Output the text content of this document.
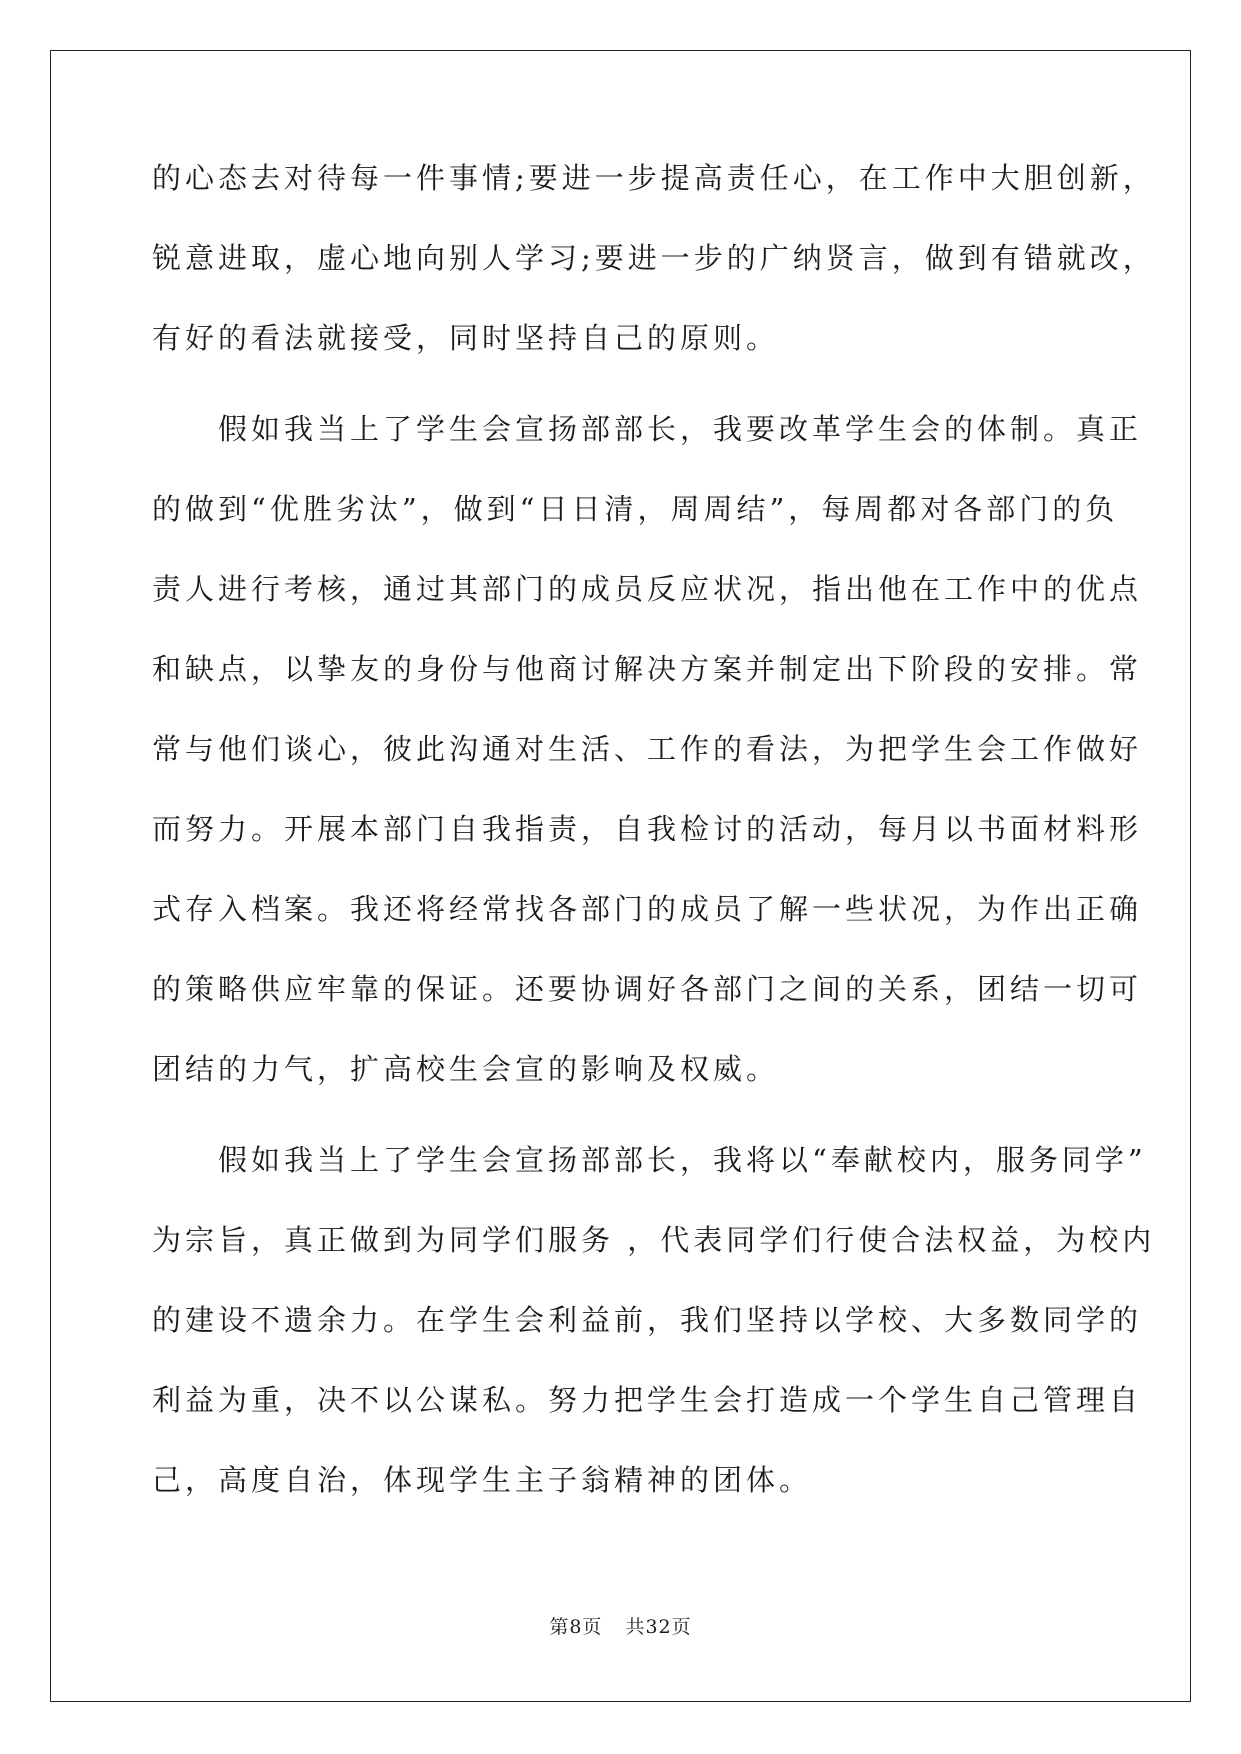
的心态去对待每一件事情;要进一步提高责任心，在工作中大胆创新，
锐意进取，虚心地向别人学习;要进一步的广纳贤言，做到有错就改，
有好的看法就接受，同时坚持自己的原则。
　　假如我当上了学生会宣扬部部长，我要改革学生会的体制。真正
的做到“优胜劣汰”，做到“日日清，周周结”，每周都对各部门的负
责人进行考核，通过其部门的成员反应状况，指出他在工作中的优点
和缺点，以挚友的身份与他商讨解决方案并制定出下阶段的安排。常
常与他们谈心，彼此沟通对生活、工作的看法，为把学生会工作做好
而努力。开展本部门自我指责，自我检讨的活动，每月以书面材料形
式存入档案。我还将经常找各部门的成员了解一些状况，为作出正确
的策略供应牢靠的保证。还要协调好各部门之间的关系，团结一切可
团结的力气，扩高校生会宣的影响及权威。
　　假如我当上了学生会宣扬部部长，我将以“奉献校内，服务同学”
为宗旨，真正做到为同学们服务 ，代表同学们行使合法权益，为校内
的建设不遗余力。在学生会利益前，我们坚持以学校、大多数同学的
利益为重，决不以公谋私。努力把学生会打造成一个学生自己管理自
己，高度自治，体现学生主子翁精神的团体。
第8页 共32页
